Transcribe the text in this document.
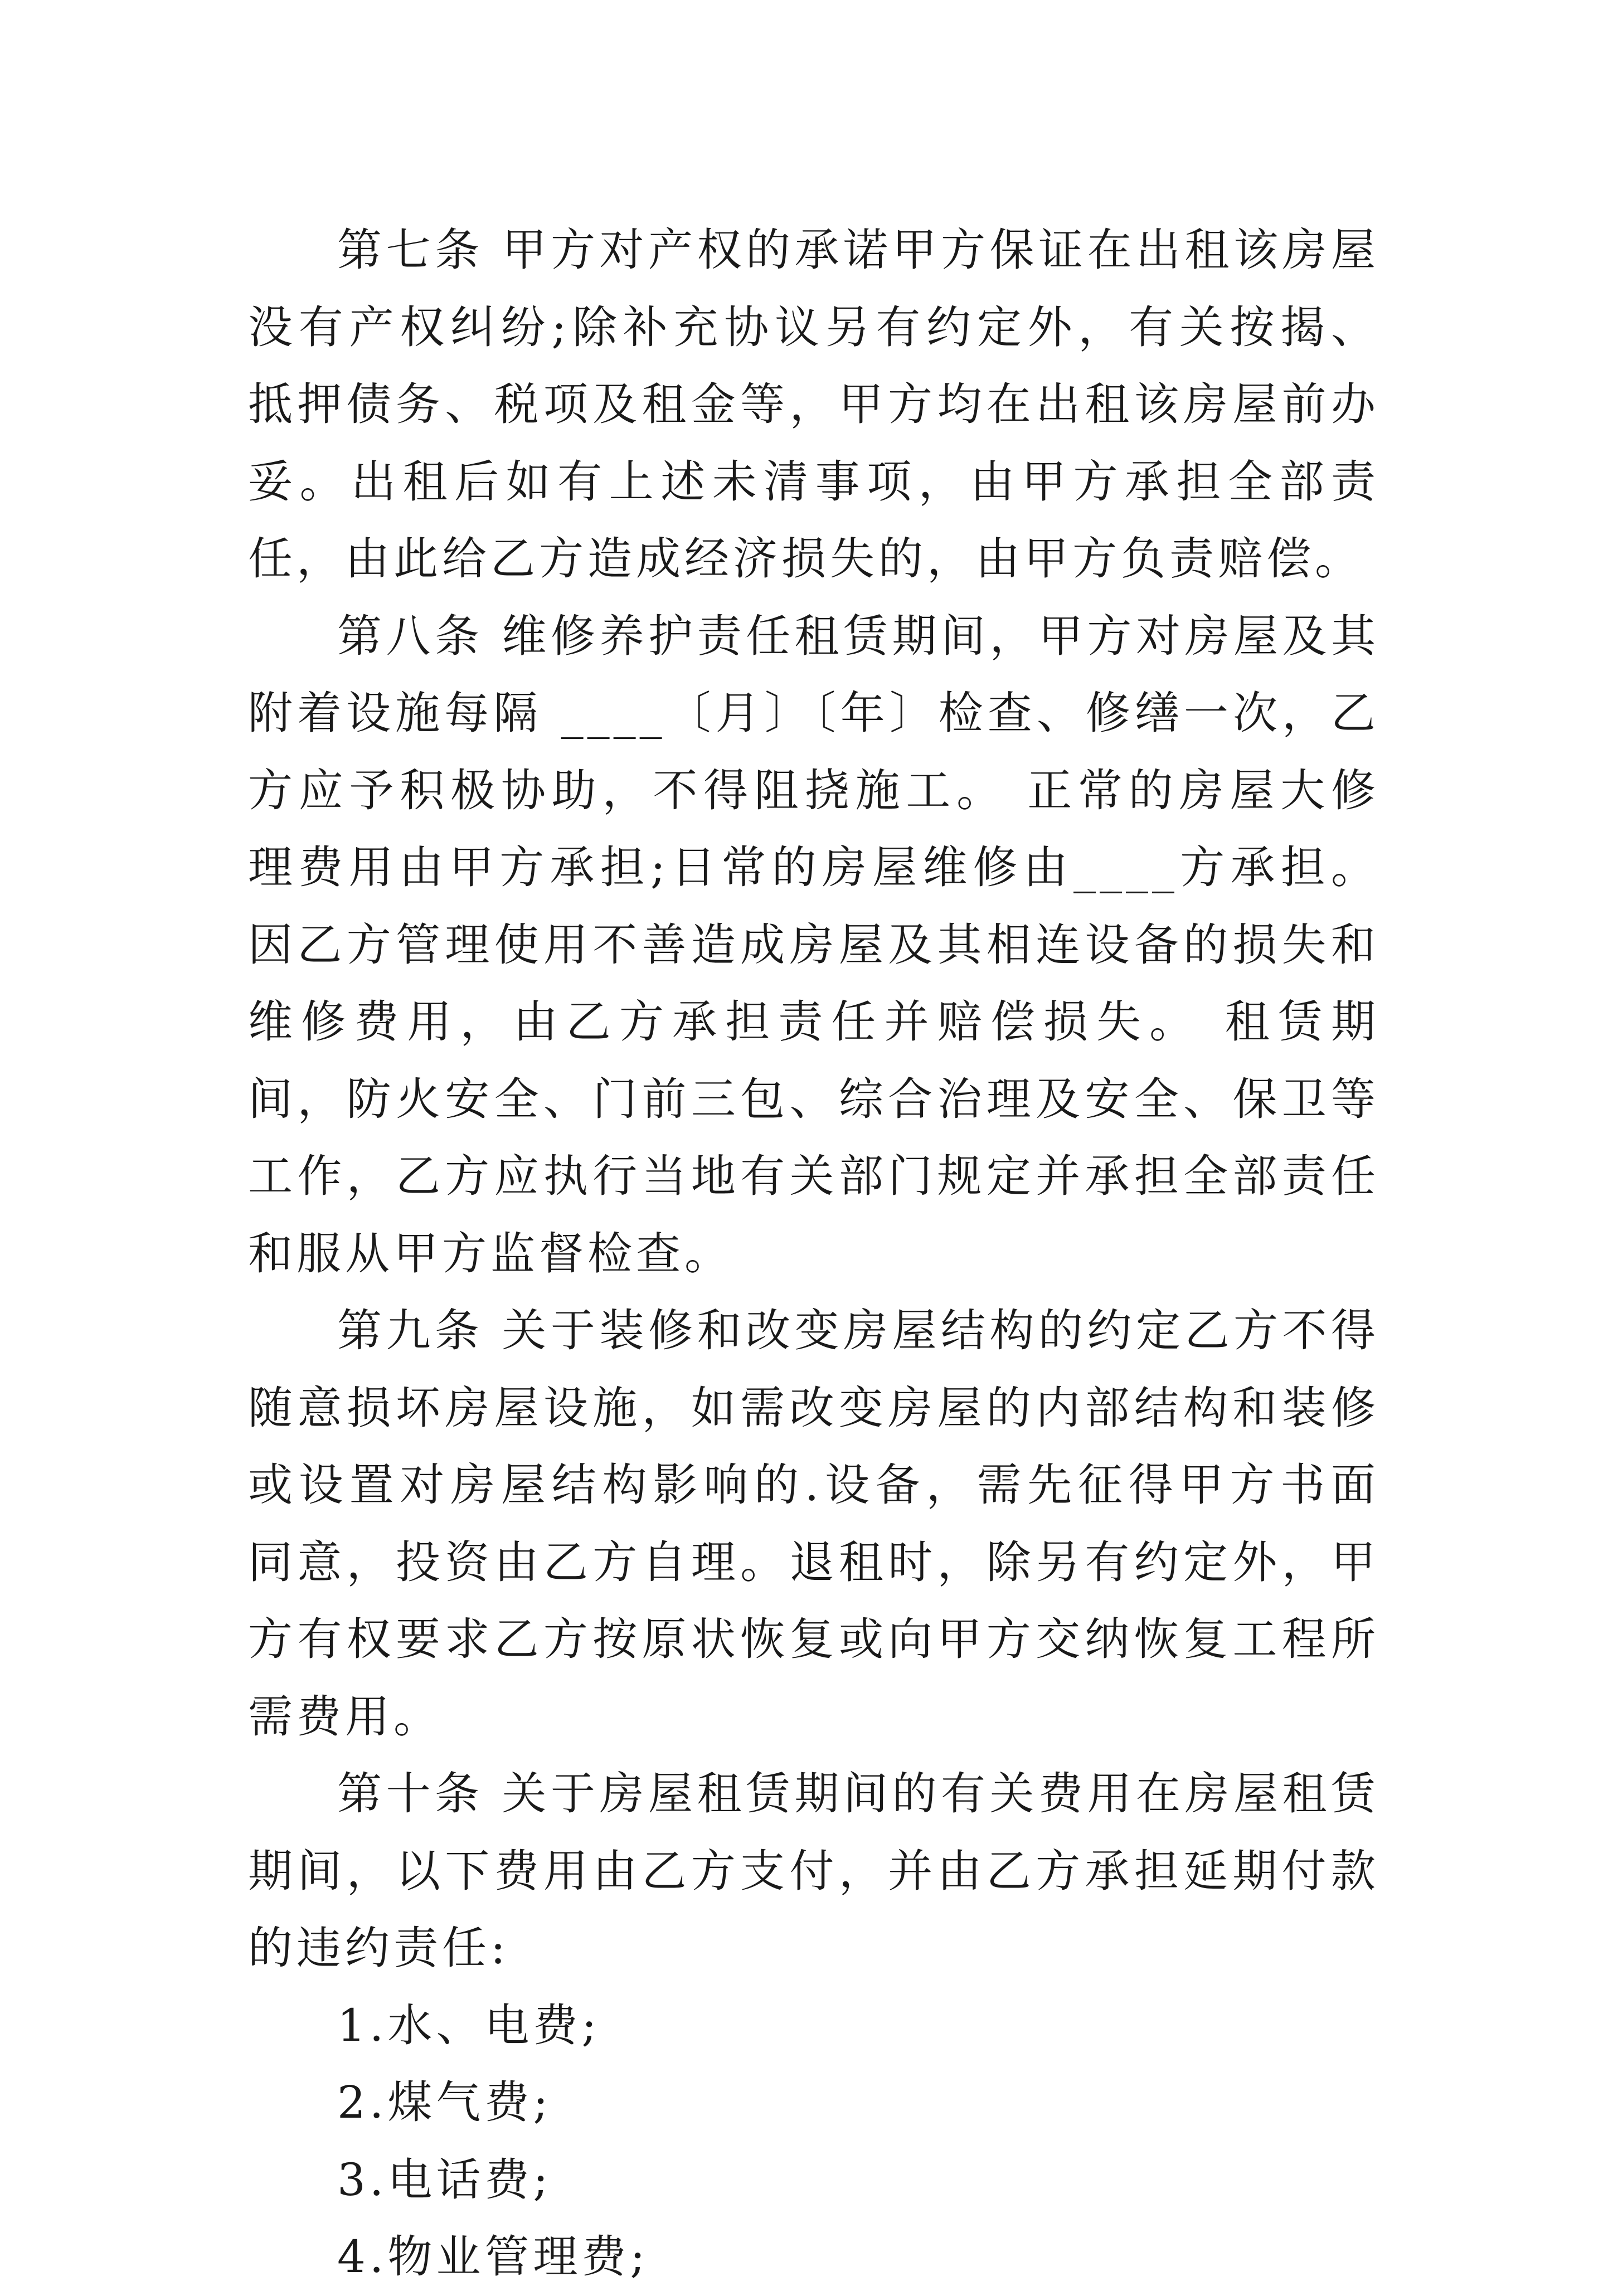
第七条 甲方对产权的承诺甲方保证在出租该房屋没有产权纠纷;除补充协议另有约定外，有关按揭、抵押债务、税项及租金等，甲方均在出租该房屋前办妥。出租后如有上述未清事项，由甲方承担全部责任，由此给乙方造成经济损失的，由甲方负责赔偿。

第八条 维修养护责任租赁期间，甲方对房屋及其附着设施每隔 ____〔月〕〔年〕检查、修缮一次，乙方应予积极协助，不得阻挠施工。 正常的房屋大修理费用由甲方承担;日常的房屋维修由____方承担。 因乙方管理使用不善造成房屋及其相连设备的损失和维修费用，由乙方承担责任并赔偿损失。 租赁期间，防火安全、门前三包、综合治理及安全、保卫等工作，乙方应执行当地有关部门规定并承担全部责任和服从甲方监督检查。

第九条 关于装修和改变房屋结构的约定乙方不得随意损坏房屋设施，如需改变房屋的内部结构和装修或设置对房屋结构影响的.设备，需先征得甲方书面同意，投资由乙方自理。退租时，除另有约定外，甲方有权要求乙方按原状恢复或向甲方交纳恢复工程所需费用。

第十条 关于房屋租赁期间的有关费用在房屋租赁期间，以下费用由乙方支付，并由乙方承担延期付款的违约责任:

1.水、电费;

2.煤气费;

3.电话费;

4.物业管理费;
